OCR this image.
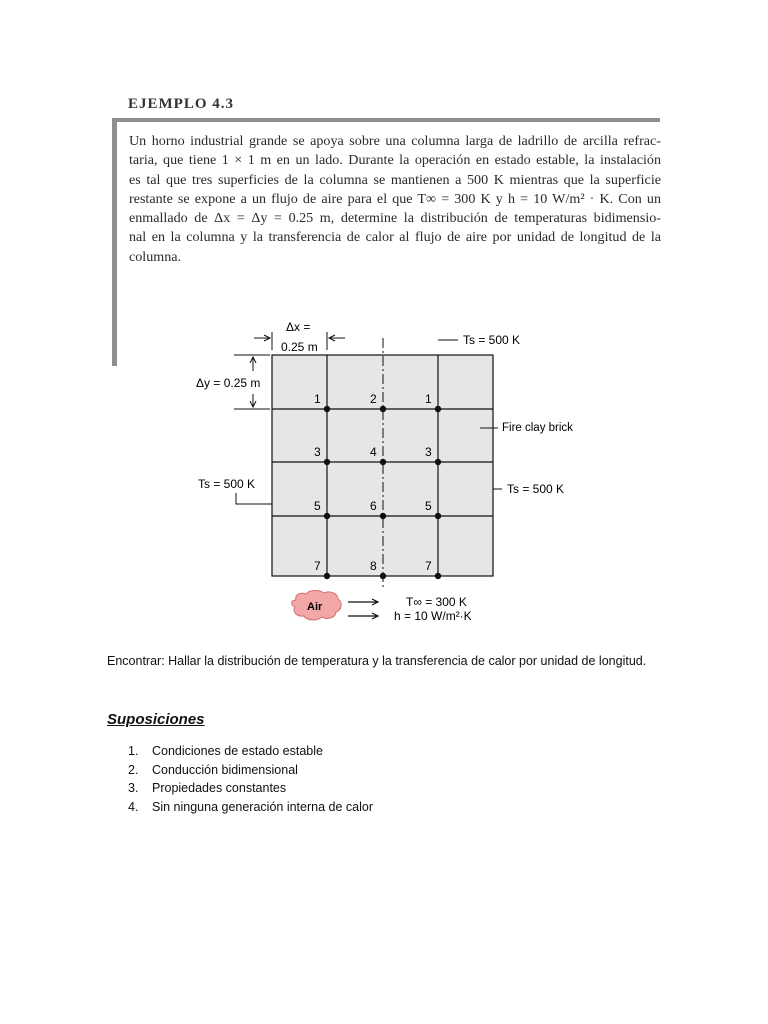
EJEMPLO 4.3
Un horno industrial grande se apoya sobre una columna larga de ladrillo de arcilla refrac-
taria, que tiene 1 × 1 m en un lado. Durante la operación en estado estable, la instalación
es tal que tres superficies de la columna se mantienen a 500 K mientras que la superficie
restante se expone a un flujo de aire para el que T∞ = 300 K y h = 10 W/m² · K. Con un
enmallado de Δx = Δy = 0.25 m, determine la distribución de temperaturas bidimensio-
nal en la columna y la transferencia de calor al flujo de aire por unidad de longitud de la
columna.
1	2	1
3	4	3
5	6	5
7	8	7
Δx =
0.25 m
Δy = 0.25 m
Ts = 500 K
Ts = 500 K	Ts = 500 K
Fire clay brick
Air	T∞ = 300 K
h = 10 W/m²·K
Encontrar: Hallar la distribución de temperatura y la transferencia de calor por unidad de longitud.
Suposiciones
1. Condiciones de estado estable
2. Conducción bidimensional
3. Propiedades constantes
4. Sin ninguna generación interna de calor
